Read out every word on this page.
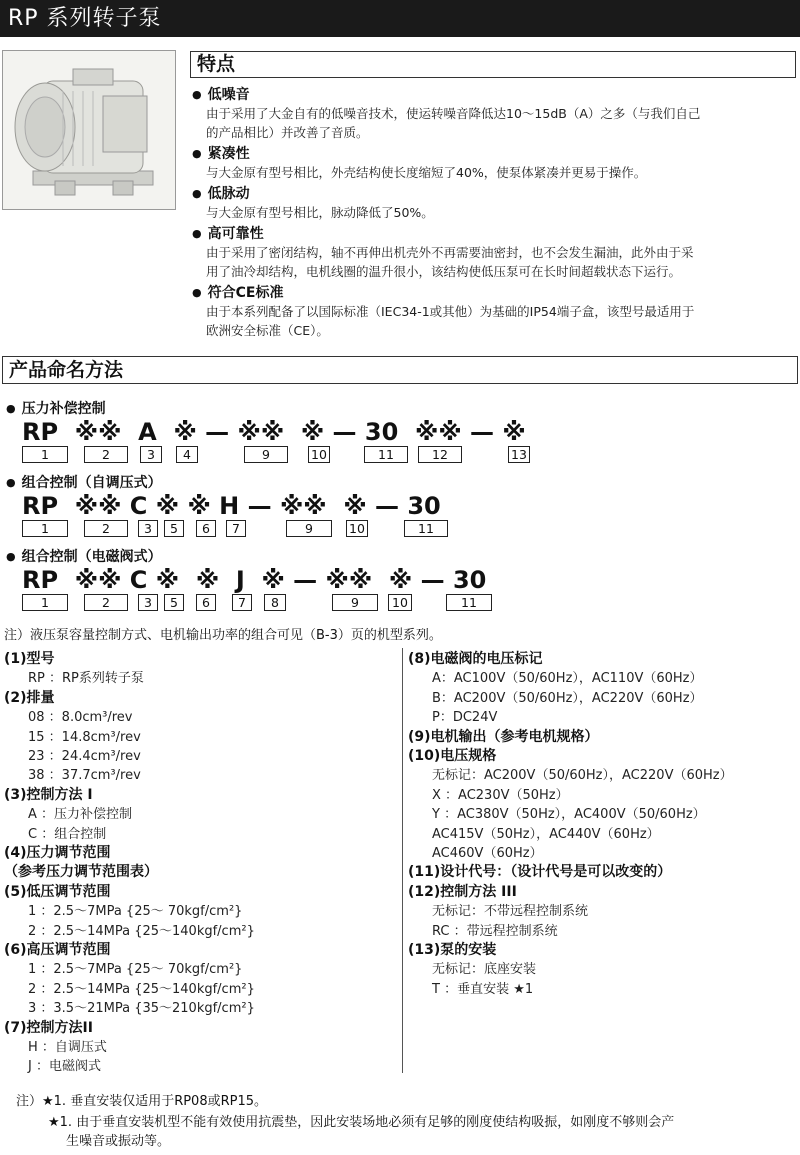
RP 系列转子泵
特点
● 低噪音
由于采用了大金自有的低噪音技术，使运转噪音降低达10～15dB（A）之多（与我们自己
的产品相比）并改善了音质。
● 紧凑性
与大金原有型号相比，外壳结构使长度缩短了40%，使泵体紧凑并更易于操作。
● 低脉动
与大金原有型号相比，脉动降低了50%。
● 高可靠性
由于采用了密闭结构，轴不再伸出机壳外不再需要油密封，也不会发生漏油，此外由于采
用了油冷却结构，电机线圈的温升很小，该结构使低压泵可在长时间超载状态下运行。
● 符合CE标准
由于本系列配备了以国际标准（IEC34-1或其他）为基础的IP54端子盒，该型号最适用于
欧洲安全标准（CE）。
产品命名方法
● 压力补偿控制
RP  ※※  A  ※ — ※※  ※ — 30  ※※ — ※
1	2	3	4	9	10	11	12	13
● 组合控制（自调压式）
RP  ※※ C ※ ※ H — ※※  ※ — 30
1	2	3	5	6	7	9	10	11
● 组合控制（电磁阀式）
RP  ※※ C ※  ※  J  ※ — ※※  ※ — 30
1	2	3	5	6	7	8	9	10	11
注）液压泵容量控制方式、电机输出功率的组合可见（B-3）页的机型系列。
(1)型号
RP ：RP系列转子泵
(2)排量
08 ：8.0cm³/rev
15 ：14.8cm³/rev
23 ：24.4cm³/rev
38 ：37.7cm³/rev
(3)控制方法 I
A ：压力补偿控制
C ：组合控制
(4)压力调节范围
（参考压力调节范围表）
(5)低压调节范围
1 ：2.5～7MPa {25～ 70kgf/cm²}
2 ：2.5～14MPa {25～140kgf/cm²}
(6)高压调节范围
1 ：2.5～7MPa {25～ 70kgf/cm²}
2 ：2.5～14MPa {25～140kgf/cm²}
3 ：3.5～21MPa {35～210kgf/cm²}
(7)控制方法II
H ：自调压式
J ：电磁阀式
(8)电磁阀的电压标记
A：AC100V（50/60Hz），AC110V（60Hz）
B：AC200V（50/60Hz），AC220V（60Hz）
P：DC24V
(9)电机输出（参考电机规格）
(10)电压规格
无标记：AC200V（50/60Hz），AC220V（60Hz）
X ：AC230V（50Hz）
Y ：AC380V（50Hz），AC400V（50/60Hz）
AC415V（50Hz），AC440V（60Hz）
AC460V（60Hz）
(11)设计代号：（设计代号是可以改变的）
(12)控制方法 III
无标记：不带远程控制系统
RC ：带远程控制系统
(13)泵的安装
无标记：底座安装
T ：垂直安装 ★1
注）★1. 垂直安装仅适用于RP08或RP15。
★1. 由于垂直安装机型不能有效使用抗震垫，因此安装场地必须有足够的刚度使结构吸振，如刚度不够则会产
生噪音或振动等。
